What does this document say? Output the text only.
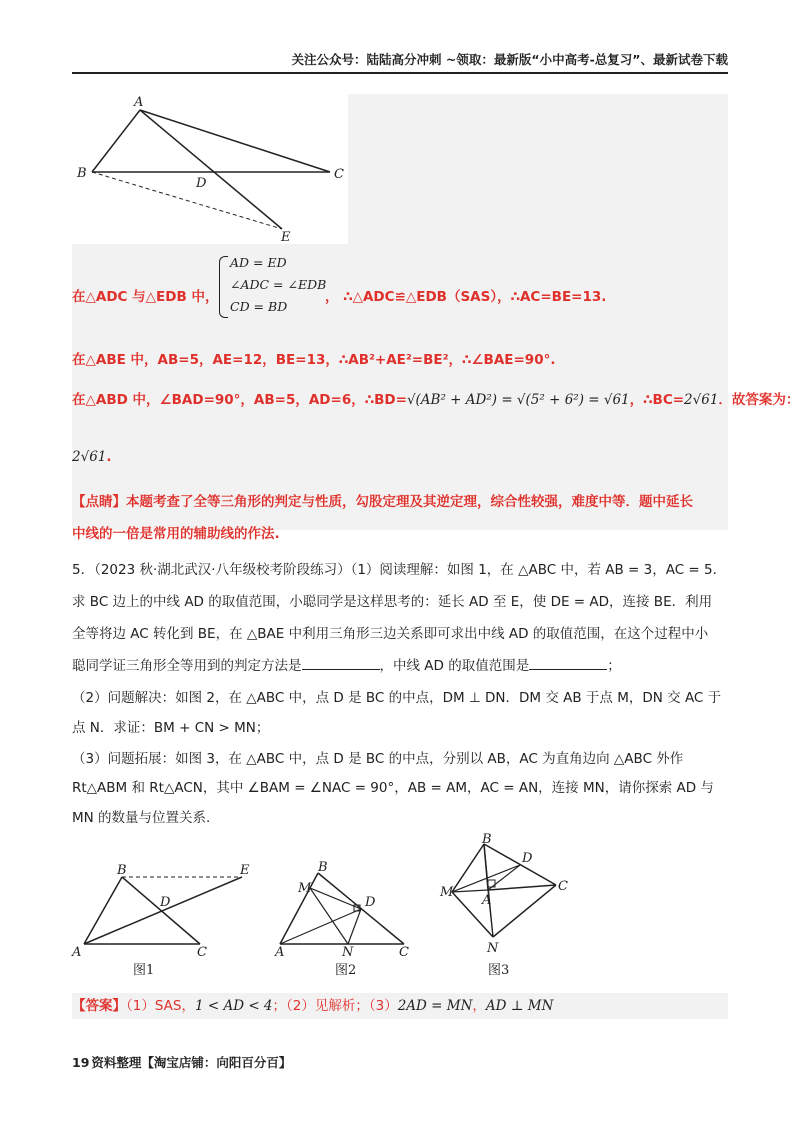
关注公众号：陆陆高分冲刺 ~领取：最新版“小中高考-总复习”、最新试卷下载
A
B	C
D
E
在△ADC 与△EDB 中，
AD = ED
∠ADC = ∠EDB
CD = BD
， ∴△ADC≌△EDB（SAS），∴AC=BE=13.
在△ABE 中，AB=5，AE=12，BE=13，∴AB²+AE²=BE²，∴∠BAE=90°.
在△ABD 中，∠BAD=90°，AB=5，AD=6，∴BD=√(AB² + AD²) = √(5² + 6²) = √61，∴BC=2√61．故答案为：
2√61.
【点睛】本题考查了全等三角形的判定与性质，勾股定理及其逆定理，综合性较强，难度中等．题中延长
中线的一倍是常用的辅助线的作法.
5．（2023 秋·湖北武汉·八年级校考阶段练习）（1）阅读理解：如图 1，在 △ABC 中，若 AB = 3，AC = 5．
求 BC 边上的中线 AD 的取值范围，小聪同学是这样思考的：延长 AD 至 E，使 DE = AD，连接 BE．利用
全等将边 AC 转化到 BE，在 △BAE 中利用三角形三边关系即可求出中线 AD 的取值范围，在这个过程中小
聪同学证三角形全等用到的判定方法是	，中线 AD 的取值范围是	；
（2）问题解决：如图 2，在 △ABC 中，点 D 是 BC 的中点，DM ⊥ DN．DM 交 AB 于点 M，DN 交 AC 于
点 N．求证：BM + CN > MN；
（3）问题拓展：如图 3，在 △ABC 中，点 D 是 BC 的中点，分别以 AB，AC 为直角边向 △ABC 外作
Rt△ABM 和 Rt△ACN，其中 ∠BAM = ∠NAC = 90°，AB = AM，AC = AN，连接 MN，请你探索 AD 与
MN 的数量与位置关系.
A
B
C
D
E
图1
A
B
C
D
M
N
图2
A
B
C
D
M
N
图3
【答案】（1）SAS，1 < AD < 4；（2）见解析；（3）2AD = MN，AD ⊥ MN
19 资料整理【淘宝店铺：向阳百分百】
